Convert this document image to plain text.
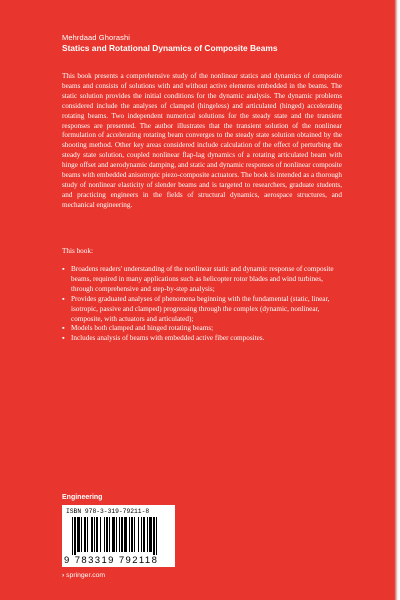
Mehrdaad Ghorashi
Statics and Rotational Dynamics of Composite Beams

This book presents a comprehensive study of the nonlinear statics and dynamics of composite beams and consists of solutions with and without active elements embedded in the beams. The static solution provides the initial conditions for the dynamic analysis. The dynamic problems considered include the analyses of clamped (hingeless) and articulated (hinged) accelerating rotating beams. Two independent numerical solutions for the steady state and the transient responses are presented. The author illustrates that the transient solution of the nonlinear formulation of accelerating rotating beam converges to the steady state solution obtained by the shooting method. Other key areas considered include calculation of the effect of perturbing the steady state solution, coupled nonlinear flap-lag dynamics of a rotating articulated beam with hinge offset and aerodynamic damping, and static and dynamic responses of nonlinear composite beams with embedded anisotropic piezo-composite actuators. The book is intended as a thorough study of nonlinear elasticity of slender beams and is targeted to researchers, graduate students, and practicing engineers in the fields of structural dynamics, aerospace structures, and mechanical engineering.

This book:
▪ Broadens readers' understanding of the nonlinear static and dynamic response of composite beams, required in many applications such as helicopter rotor blades and wind turbines, through comprehensive and step-by-step analysis;
▪ Provides graduated analyses of phenomena beginning with the fundamental (static, linear, isotropic, passive and clamped) progressing through the complex (dynamic, nonlinear, composite, with actuators and articulated);
▪ Models both clamped and hinged rotating beams;
▪ Includes analysis of beams with embedded active fiber composites.
Engineering
ISBN 978-3-319-79211-8
9 783319 792118
› springer.com
